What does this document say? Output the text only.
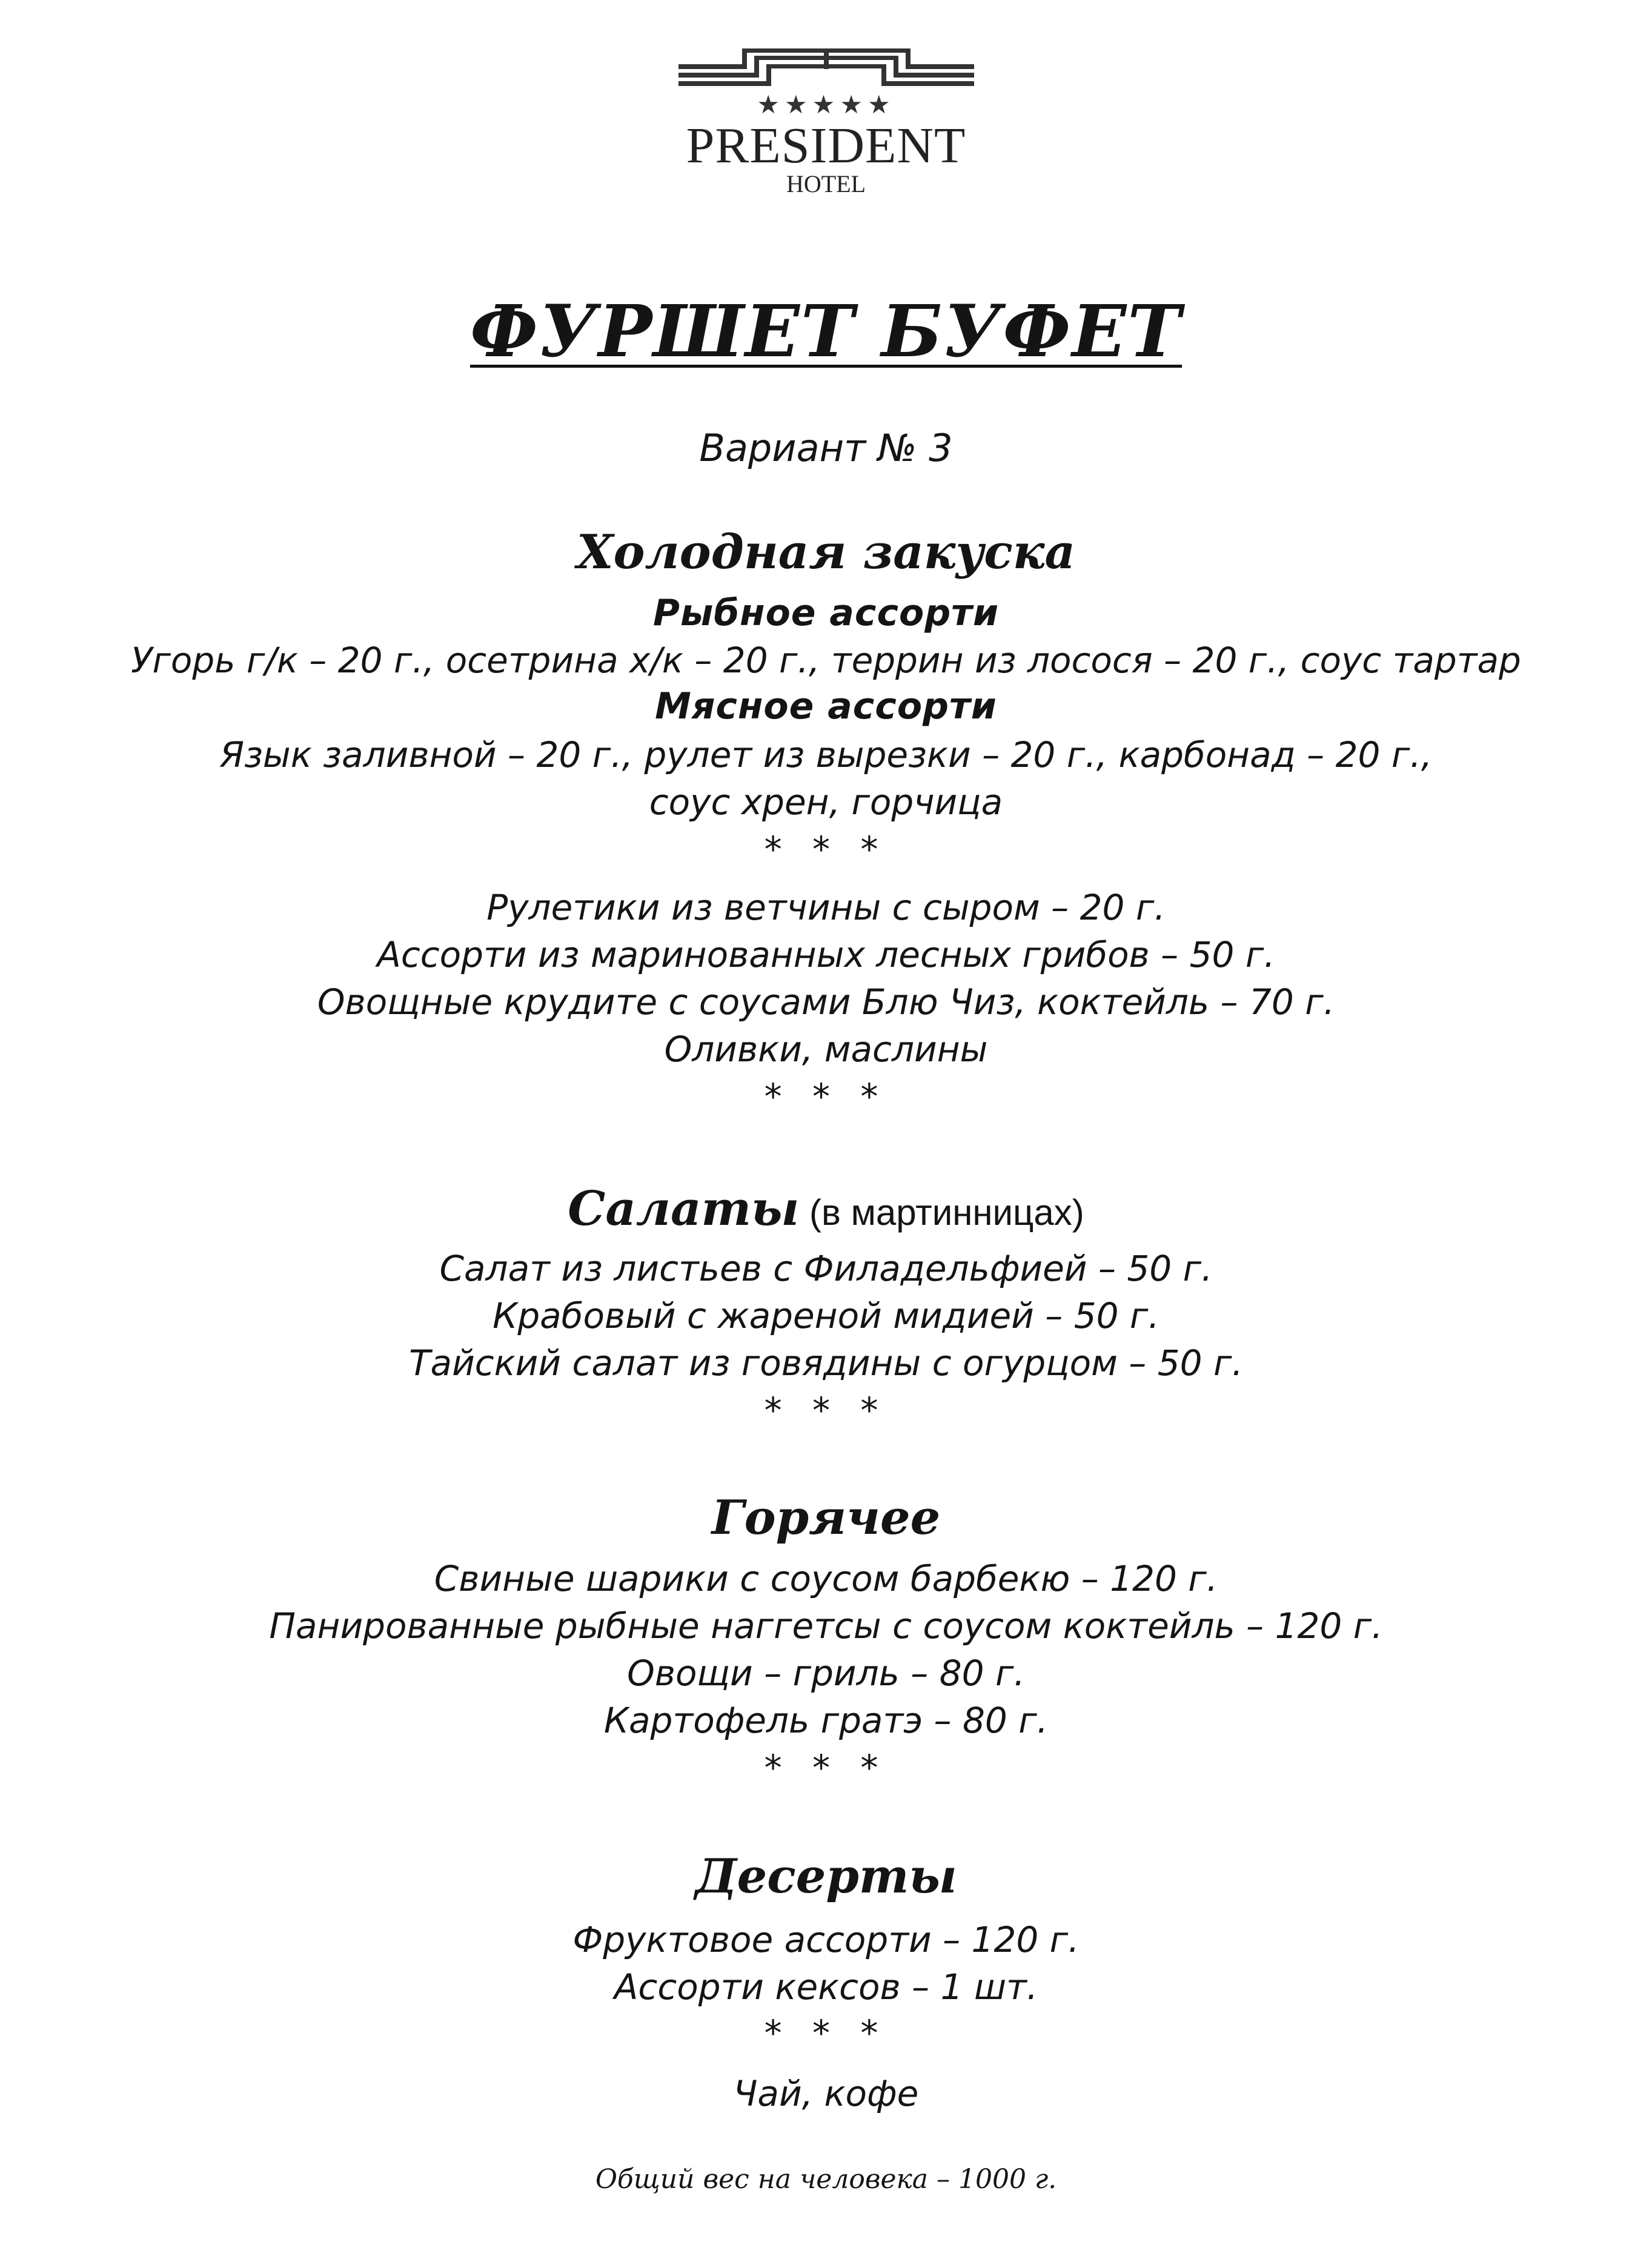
★★★★★
PRESIDENT
HOTEL
ФУРШЕТ БУФЕТ
Вариант № 3
Холодная закуска
Рыбное ассорти
Угорь г/к – 20 г., осетрина х/к – 20 г., террин из лосося – 20 г., соус тартар
Мясное ассорти
Язык заливной – 20 г., рулет из вырезки – 20 г., карбонад – 20 г.,
соус хрен, горчица
* * *
Рулетики из ветчины с сыром – 20 г.
Ассорти из маринованных лесных грибов – 50 г.
Овощные крудите с соусами Блю Чиз, коктейль – 70 г.
Оливки, маслины
* * *
Салаты (в мартинницах)
Салат из листьев с Филадельфией – 50 г.
Крабовый с жареной мидией – 50 г.
Тайский салат из говядины с огурцом – 50 г.
* * *
Горячее
Свиные шарики с соусом барбекю – 120 г.
Панированные рыбные наггетсы с соусом коктейль – 120 г.
Овощи – гриль – 80 г.
Картофель гратэ – 80 г.
* * *
Десерты
Фруктовое ассорти – 120 г.
Ассорти кексов – 1 шт.
* * *
Чай, кофе
Общий вес на человека – 1000 г.
